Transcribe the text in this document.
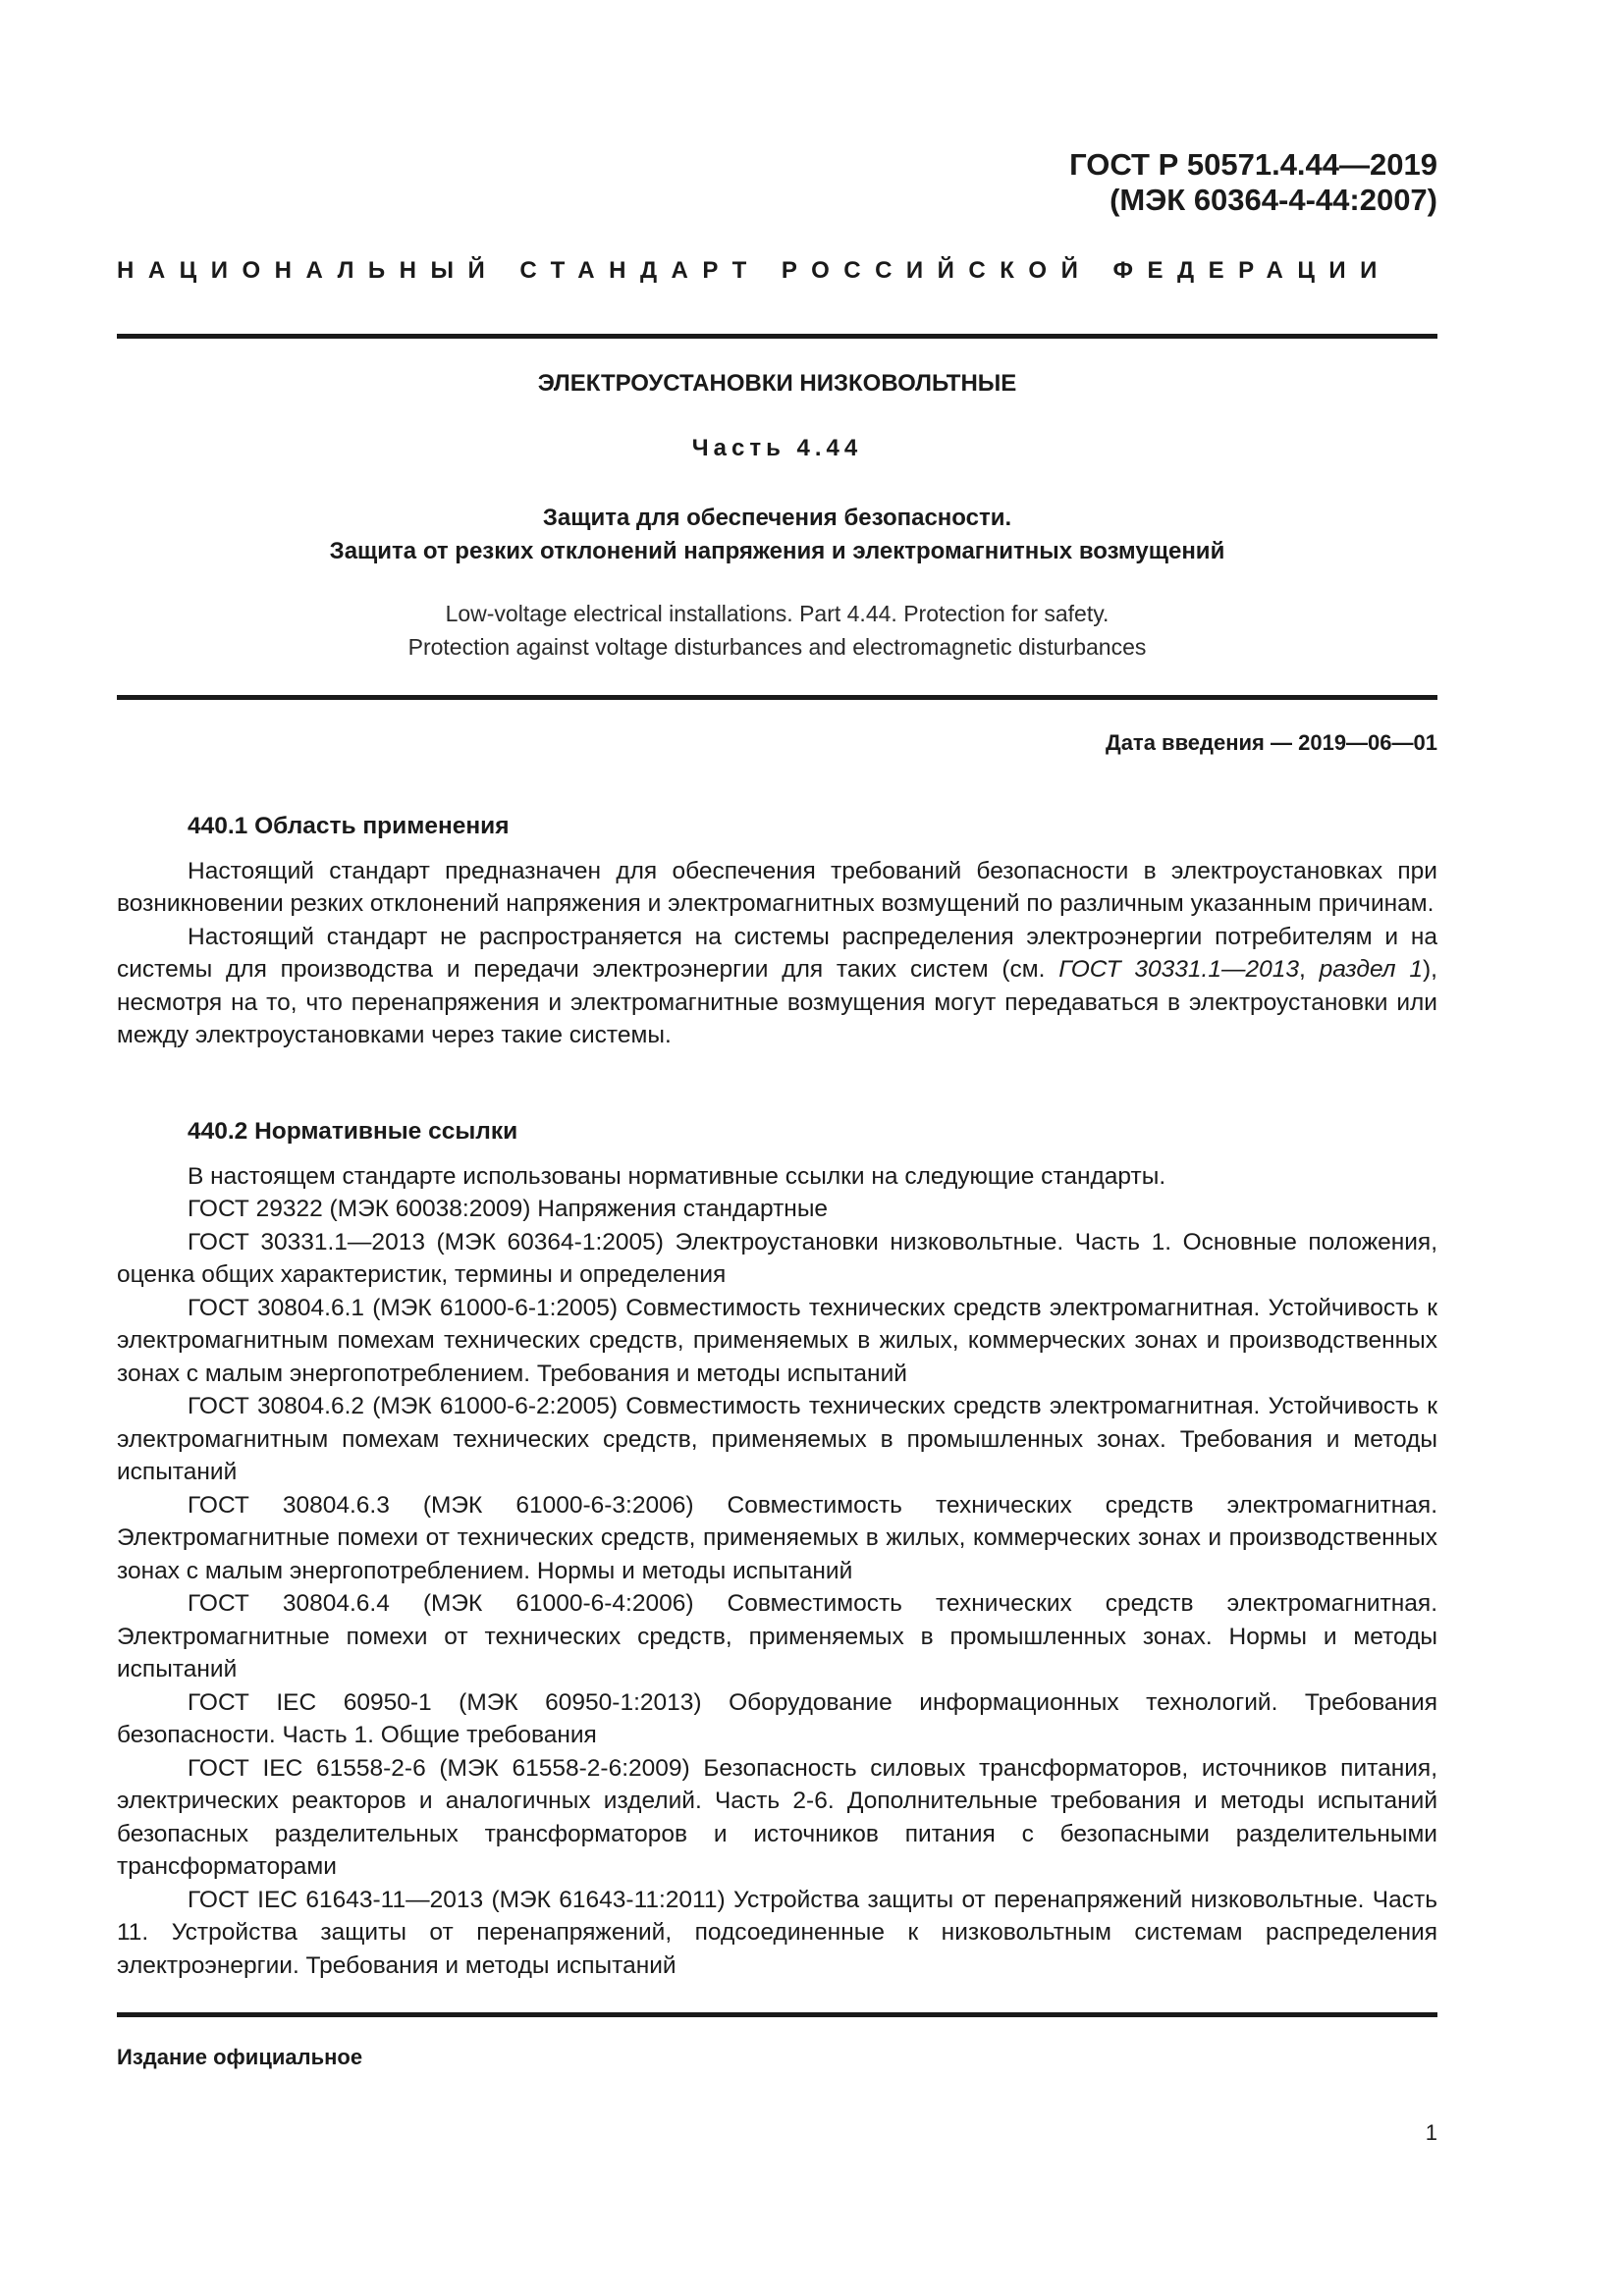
ГОСТ Р 50571.4.44—2019
(МЭК 60364-4-44:2007)
НАЦИОНАЛЬНЫЙ СТАНДАРТ РОССИЙСКОЙ ФЕДЕРАЦИИ
ЭЛЕКТРОУСТАНОВКИ НИЗКОВОЛЬТНЫЕ
Часть 4.44
Защита для обеспечения безопасности.
Защита от резких отклонений напряжения и электромагнитных возмущений
Low-voltage electrical installations. Part 4.44. Protection for safety.
Protection against voltage disturbances and electromagnetic disturbances
Дата введения — 2019—06—01
440.1 Область применения

Настоящий стандарт предназначен для обеспечения требований безопасности в электроустановках при возникновении резких отклонений напряжения и электромагнитных возмущений по различным указанным причинам.

Настоящий стандарт не распространяется на системы распределения электроэнергии потребителям и на системы для производства и передачи электроэнергии для таких систем (см. ГОСТ 30331.1—2013, раздел 1), несмотря на то, что перенапряжения и электромагнитные возмущения могут передаваться в электроустановки или между электроустановками через такие системы.

440.2 Нормативные ссылки

В настоящем стандарте использованы нормативные ссылки на следующие стандарты.

ГОСТ 29322 (МЭК 60038:2009) Напряжения стандартные

ГОСТ 30331.1—2013 (МЭК 60364-1:2005) Электроустановки низковольтные. Часть 1. Основные положения, оценка общих характеристик, термины и определения

ГОСТ 30804.6.1 (МЭК 61000-6-1:2005) Совместимость технических средств электромагнитная. Устойчивость к электромагнитным помехам технических средств, применяемых в жилых, коммерческих зонах и производственных зонах с малым энергопотреблением. Требования и методы испытаний

ГОСТ 30804.6.2 (МЭК 61000-6-2:2005) Совместимость технических средств электромагнитная. Устойчивость к электромагнитным помехам технических средств, применяемых в промышленных зонах. Требования и методы испытаний

ГОСТ 30804.6.3 (МЭК 61000-6-3:2006) Совместимость технических средств электромагнитная. Электромагнитные помехи от технических средств, применяемых в жилых, коммерческих зонах и производственных зонах с малым энергопотреблением. Нормы и методы испытаний

ГОСТ 30804.6.4 (МЭК 61000-6-4:2006) Совместимость технических средств электромагнитная. Электромагнитные помехи от технических средств, применяемых в промышленных зонах. Нормы и методы испытаний

ГОСТ IEC 60950-1 (МЭК 60950-1:2013) Оборудование информационных технологий. Требования безопасности. Часть 1. Общие требования

ГОСТ IEC 61558-2-6 (МЭК 61558-2-6:2009) Безопасность силовых трансформаторов, источников питания, электрических реакторов и аналогичных изделий. Часть 2-6. Дополнительные требования и методы испытаний безопасных разделительных трансформаторов и источников питания с безопасными разделительными трансформаторами

ГОСТ IEC 61643-11—2013 (МЭК 61643-11:2011) Устройства защиты от перенапряжений низковольтные. Часть 11. Устройства защиты от перенапряжений, подсоединенные к низковольтным системам распределения электроэнергии. Требования и методы испытаний

Издание официальное
1
